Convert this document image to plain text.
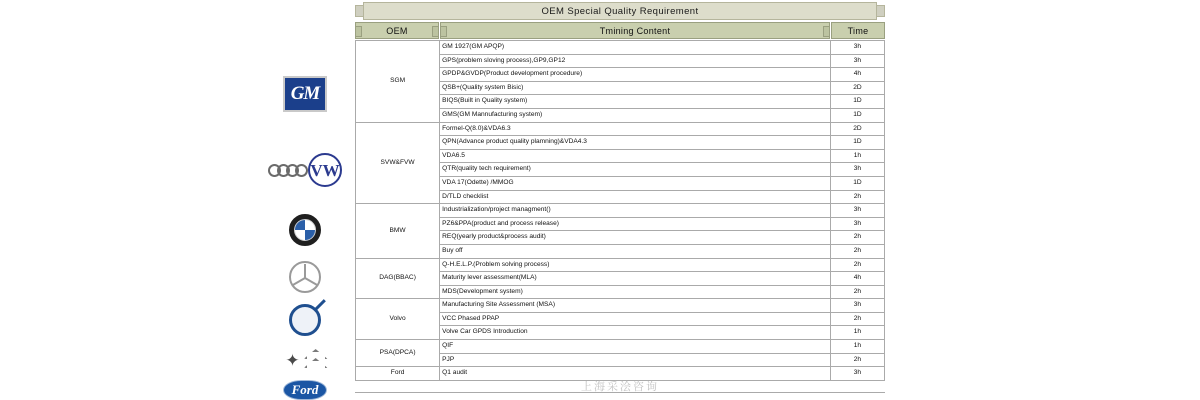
GM
VW
✦
Ford
OEM Special Quality Requirement
OEM	Tmining Content	Time
SGM	GM 1927(GM APQP)	3h
	GPS(problem sloving process),GP9,GP12	3h
	GPDP&GVDP(Product development procedure)	4h
	QSB+(Quality system Bisic)	2D
	BIQS(Built in Quality system)	1D
	GMS(GM Mannufacturing system)	1D
SVW&FVW	Formel-Q(8.0)&VDA6.3	2D
	QPN(Advance product quality plamning)&VDA4.3	1D
	VDA6.5	1h
	QTR(quality tech requirement)	3h
	VDA 17(Odette) /MMOG	1D
	D/TLD checklist	2h
BMW	Industrialization/project managment()	3h
	PZ6&PPA(product and process release)	3h
	REQ(yearly product&process audit)	2h
	Buy off	2h
DAG(BBAC)	Q-H.E.L.P.(Problem solving process)	2h
	Maturity lever assessment(MLA)	4h
	MDS(Development system)	2h
Volvo	Manufacturing Site Assessment (MSA)	3h
	VCC Phased PPAP	2h
	Volve Car GPDS Introduction	1h
PSA(DPCA)	QIF	1h
	PJP	2h
Ford	Q1 audit	3h
上海采浍咨询
